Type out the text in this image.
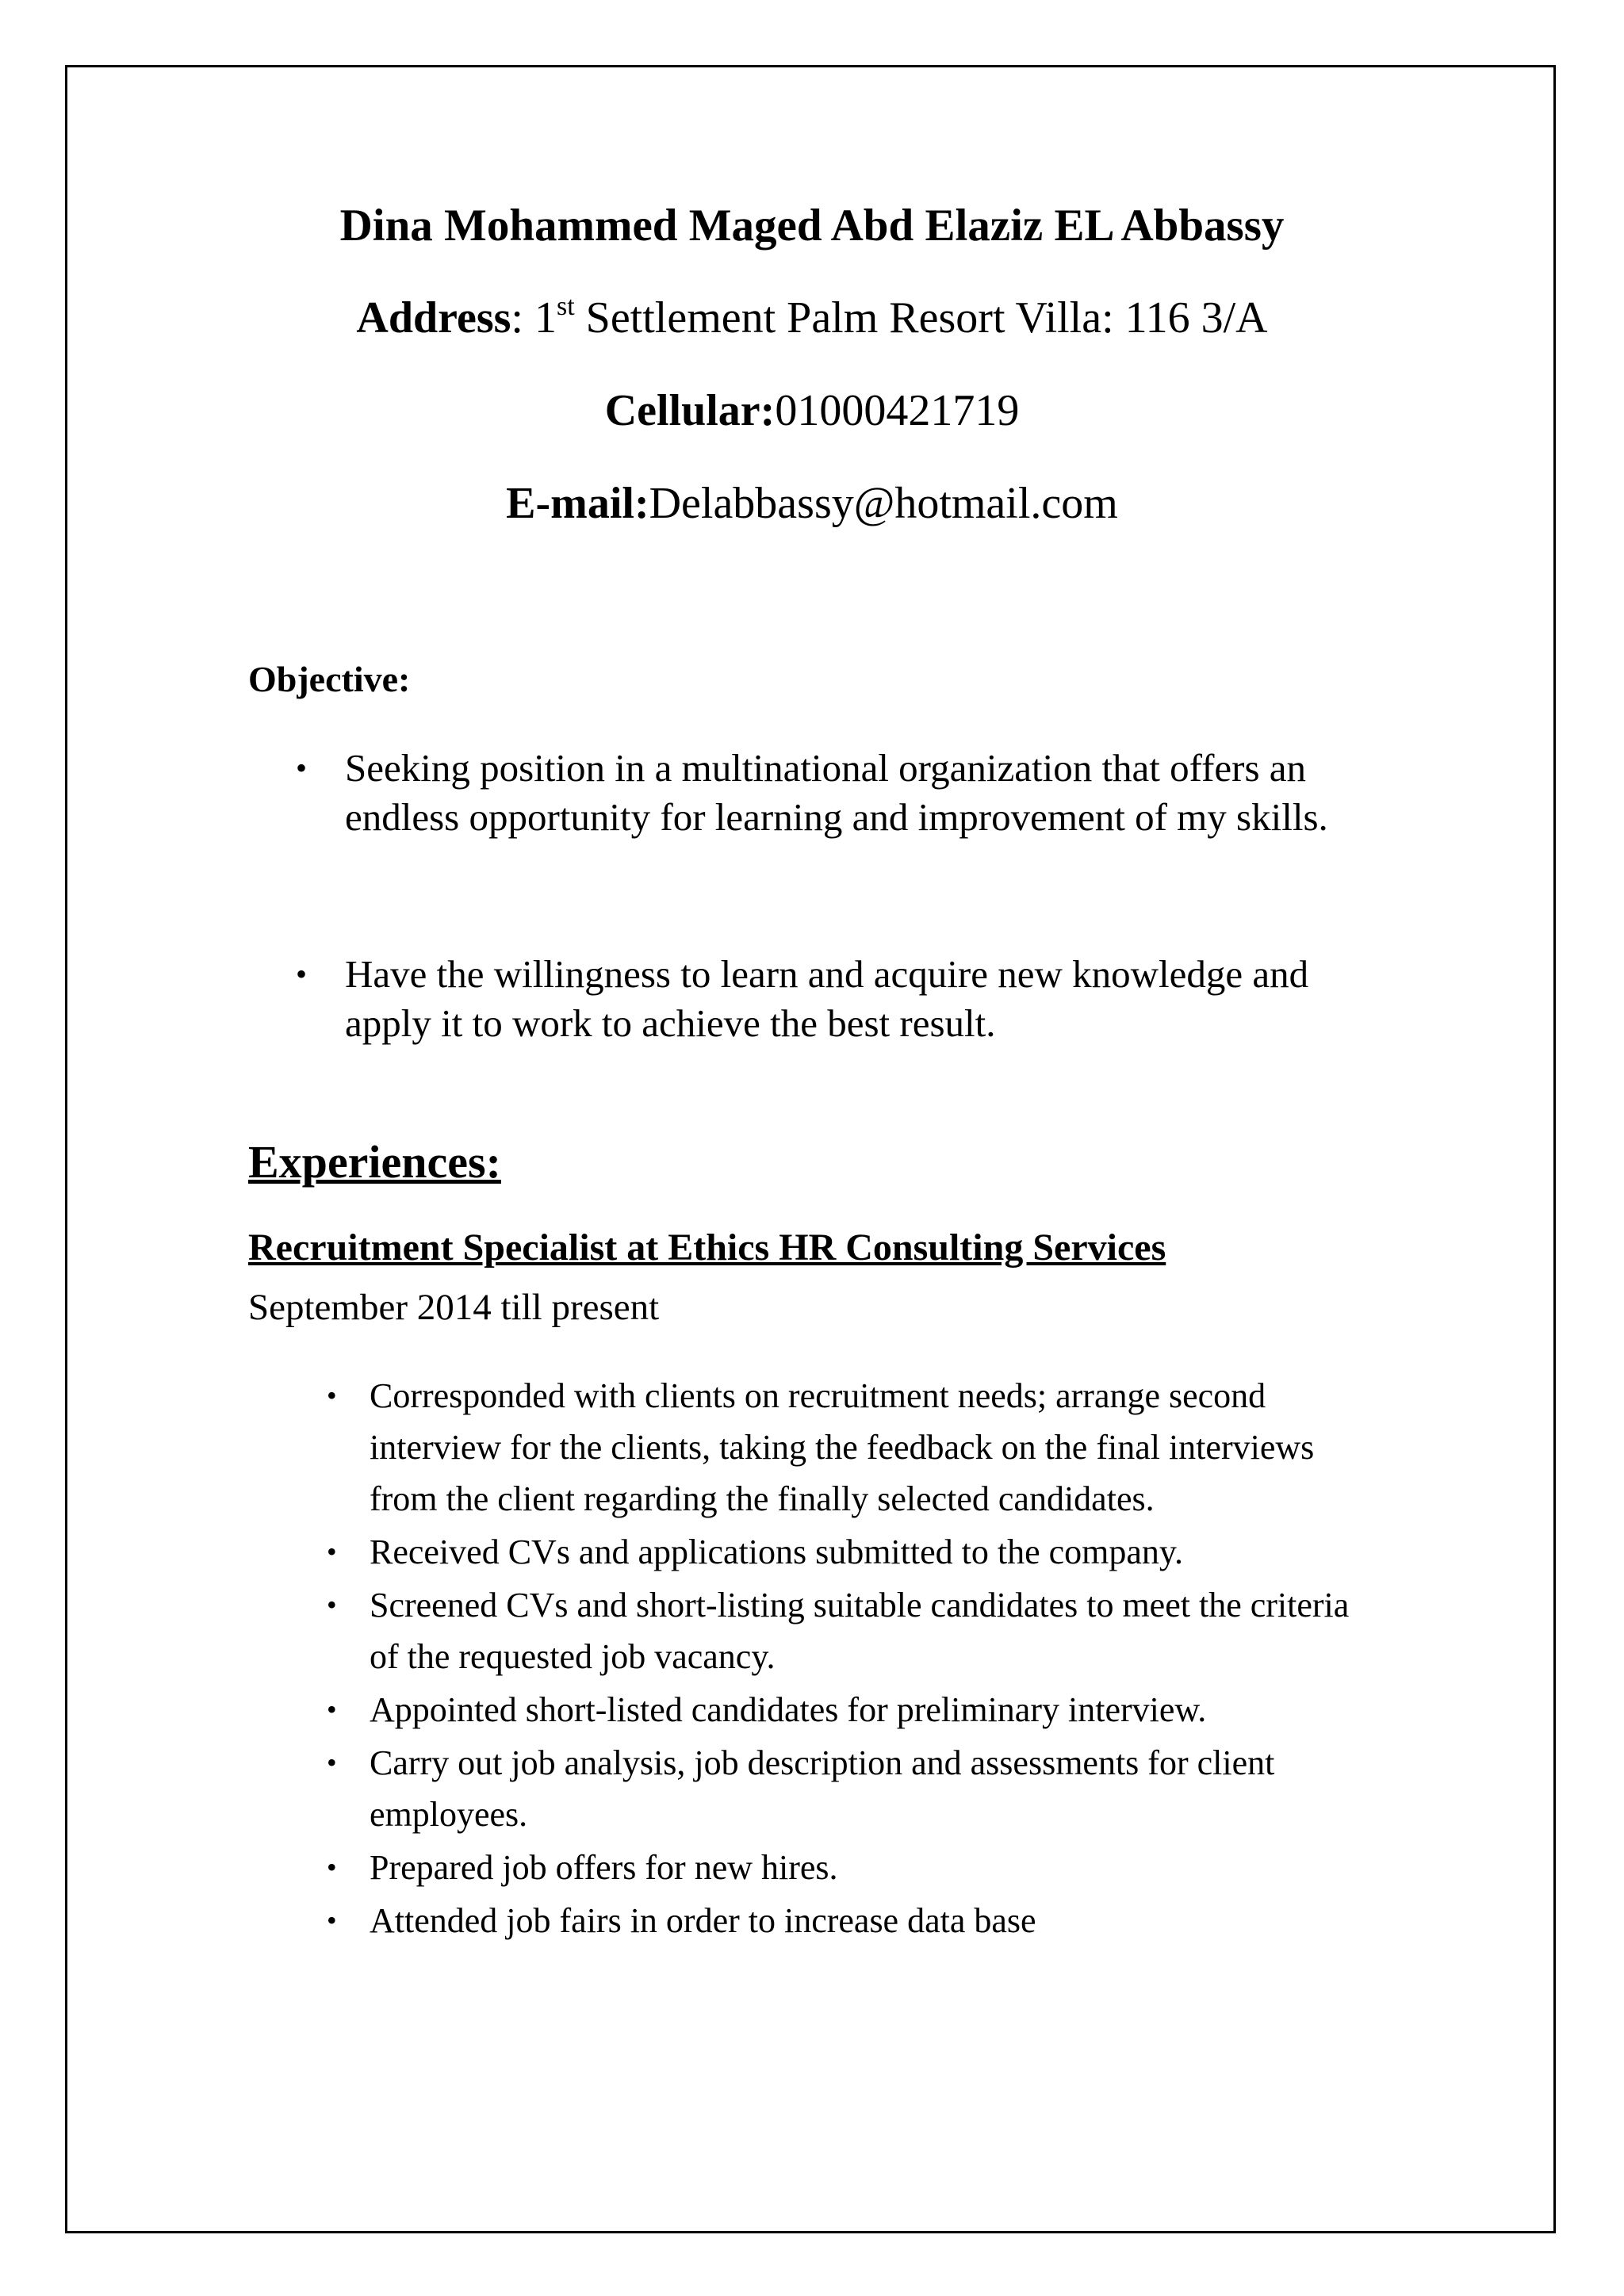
Dina Mohammed Maged Abd Elaziz EL Abbassy
Address: 1st Settlement Palm Resort Villa: 116 3/A
Cellular:01000421719
E-mail:Delabbassy@hotmail.com
Objective:
• Seeking position in a multinational organization that offers an endless opportunity for learning and improvement of my skills.
• Have the willingness to learn and acquire new knowledge and apply it to work to achieve the best result.
Experiences:
Recruitment Specialist at Ethics HR Consulting Services
September 2014 till present
• Corresponded with clients on recruitment needs; arrange second interview for the clients, taking the feedback on the final interviews from the client regarding the finally selected candidates.
• Received CVs and applications submitted to the company.
• Screened CVs and short-listing suitable candidates to meet the criteria of the requested job vacancy.
• Appointed short-listed candidates for preliminary interview.
• Carry out job analysis, job description and assessments for client employees.
• Prepared job offers for new hires.
• Attended job fairs in order to increase data base
